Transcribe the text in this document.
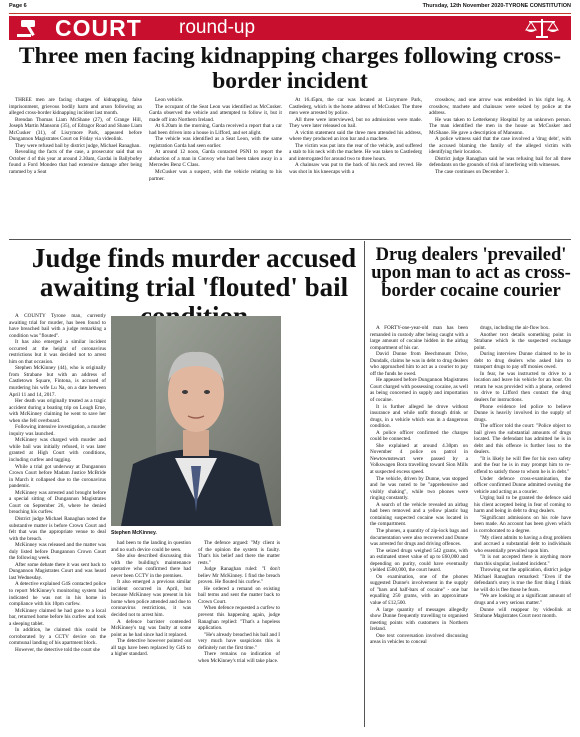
Page 6	Thursday, 12th November 2020-TYRONE CONSTITUTION
COURT round-up
Three men facing kidnapping charges following cross-border incident

THREE men are facing charges of kidnapping, false imprisonment, grievous bodily harm and arson following an alleged cross-border kidnapping incident last month.

Brendan Thomas Liam McShane (27), of Grange Hill, Joseph Martin Mansonn (35), of Edragor Road and Shane Liam McCusker (31), of Lisrymore Park, appeared before Dungannon Magistrates Court on Friday via videolink.

They were refused bail by district judge, Michael Ranaghan.

Revealing the facts of the case, a prosecutor said that on October 4 of this year at around 2.30am, Gardai in Ballybofey found a Ford Mondeo that had extensive damage after being rammed by a Seat

Leon vehicle.

The occupant of the Seat Leon was identified as McCusker. Garda observed the vehicle and attempted to follow it, but it made off into Northern Ireland.

At 6.20am in the morning, Garda received a report that a car had been driven into a house in Lifford, and set alight.

The vehicle was identified as a Seat Leon, with the same registration Garda had seen earlier.

At around 12 noon, Garda contacted PSNI to report the abduction of a man in Convoy who had been taken away in a Mercedes Benz C Class.

McCusker was a suspect, with the vehicle relating to his partner.

At 16.45pm, the car was located at Lisrymore Park, Castlederg, which is the home address of McCusker. The three men were arrested by police.

All three were interviewed, but no admissions were made. They were later released on bail.

A victim statement said the three men attended his address, where they produced an iron bar and a machete.

The victim was put into the rear of the vehicle, and suffered a stab to his neck with the machete. He was taken to Castlederg and interrogated for around two to three hours.

A chainsaw was put to the back of his neck and revved. He was shot in his kneecaps with a

crossbow, and one arrow was embedded in his right leg. A crossbow, machete and chainsaw were seized by police at the address.

He was taken to Letterkenny Hospital by an unknown person. The man identified the men in the house as McCusker and McShane. He gave a description of Mansonn.

A police witness said that the case involved a 'drug debt', with the accused blaming the family of the alleged victim with identifying their location.

District judge Ranaghan said he was refusing bail for all three defendants on the grounds of risk of interfering with witnesses.

The case continues on December 3.

Judge finds murder accused awaiting trial 'flouted' bail
Stephen McKinney.

A COUNTY Tyrone man, currently awaiting trial for murder, has been found to have breached bail with a judge remarking a condition was "flouted".

It has also emerged a similar incident occurred at the height of coronavirus restrictions but it was decided not to arrest him on that occasion.

Stephen McKinney (44), who is originally from Strabane but with an address of Castletown Square, Fintona, is accused of murdering his wife Lu Na, on a date between April 11 and 14, 2017.

Her death was originally treated as a tragic accident during a boating trip on Lough Erne, with McKinney claiming he went to save her when she fell overboard.

Following intensive investigation, a murder inquiry was launched.

McKinney was charged with murder and while bail was initially refused, it was later granted at High Court with conditions, including curfew and tagging.

While a trial got underway at Dungannon Crown Court before Madam Justice McBride in March it collapsed due to the coronavirus pandemic.

McKinney was arrested and brought before a special sitting of Dungannon Magistrates Court on September 26, where he denied breaching his curfew.

District judge Michael Ranaghan noted the substantive matter is before Crown Court and felt that was the appropriate venue to deal with the breach.

McKinney was released and the matter was duly listed before Dungannon Crown Court the following week.

After some debate there it was sent back to Dungannon Magistrates Court and was heard last Wednesday.

A detective explained G4S contacted police to report McKinney's monitoring system had indicated he was not in his home in compliance with his 10pm curfew.

McKinney claimed he had gone to a local bar, returned home before his curfew and took a sleeping tablet.

In addition, he claimed this could be corroborated by a CCTV device on the communal landing of his apartment block.

However, the detective told the court she

had been to the landing in question and no such device could be seen.

She also described discussing this with the building's maintenance operative who confirmed there had never been CCTV in the premises.

It also emerged a previous similar incident occurred in April, but because McKinney was present in his home when police attended and due to coronavirus restrictions, it was decided not to arrest him.

A defence barrister contended McKinney's tag was faulty at some point as he had since had it replaced.

The detective however pointed out all tags have been replaced by G4S to a higher standard.

The defence argued: "My client is of the opinion the system is faulty. That's his belief and there the matter rests."

Judge Ranaghan ruled: "I don't believ Mr McKinney. I find the breach proven. He flouted his curfew."

He ordered a remand on existing bail terms and sent the matter back to Crown Court.

When defence requested a curfew to prevent this happening again, judge Ranaghan replied: "That's a hopeless application.

"He's already breached his bail and I very much have suspicions this is definitely not the first time."

There remains no indication of when McKinney's trial will take place.

Drug dealers 'prevailed' upon man to act as cross-border cocaine courier

A FORTY-one-year-old man has been remanded in custody after being caught with a large amount of cocaine hidden in the airbag compartment of his car.

David Dunne from Beechmount Drive, Dundalk, claims he was in debt to drug dealers who approached him to act as a courier to pay off the funds he owed.

He appeared before Dungannon Magistrates Court charged with possessing cocaine, as well as being concerned in supply and importation of cocaine.

It is further alleged he drove without insurance and while unfit through drink or drugs, in a vehicle which was in a dangerous condition.

A police officer confirmed the charges could be connected.

She explained at around 4.30pm on November 4 police on patrol in Newtownstewart were passed by a Volkswagen Bora travelling toward Sion Mills at suspected excess speed.

The vehicle, driven by Dunne, was stopped and he was noted to be "apprehensive and visibly shaking", while two phones were ringing constantly.

A search of the vehicle revealed an airbag had been removed and a yellow plastic bag containing suspected cocaine was located in the compartment.

The phones, a quantity of zip-lock bags and documentation were also recovered and Dunne was arrested for drugs and driving offences.

The seized drugs weighed 542 grams, with an estimated street value of up to £60,000 and depending on purity, could have eventually yielded £500,000, the court heard.

On examination, one of the phones suggested Dunne's involvement in the supply of "bars and half-bars of cocaine" - one bar equalling 250 grams, with an approximate value of £12,500.

A large quantity of messages allegedly show Dunne frequently travelling to organised meeting points with customers in Northern Ireland.

One text conversation involved discussing areas in vehicles to conceal

drugs, including the air-flow box.

Another text details something point in Strabane which is the suspected exchange point.

During interview Dunne claimed to be in debt to drug dealers who asked him to transport drugs to pay off monies owed.

In fear, he was instructed to drive to a location and leave his vehicle for an hour. On return he was provided with a phone, ordered to drive to Lifford then contact the drug dealers for instructions.

Phone evidence led police to believe Dunne is heavily involved in the supply of drugs.

The officer told the court: "Police object to bail given the substantial amounts of drugs located. The defendant has admitted he is in debt and this offence is further loss to the dealers.

"It is likely he will flee for his own safety and the fear he is in may prompt him to re-offend to satisfy those to whom he is in debt."

Under defence cross-examination, the officer confirmed Dunne admitted owning the vehicle and acting as a courier.

Urging bail to be granted the defence said his client accepted being in fear of coming to harm and being in debt to drug dealers.

"Significant admissions on his role have been made. An account has been given which is corroborated to a degree.

"My client admits to having a drug problem and accrued a substantial debt to individuals who essentially prevailed upon him.

"It is not accepted there is anything more than this singular, isolated incident."

Throwing out the application, district judge Michael Ranaghan remarked: "Even if the defendant's story is true the first thing I think he will do is flee those he fears.

"We are looking at a significant amount of drugs and a very serious matter."

Dunne will reappear by videolink at Strabane Magistrates Court next month.
